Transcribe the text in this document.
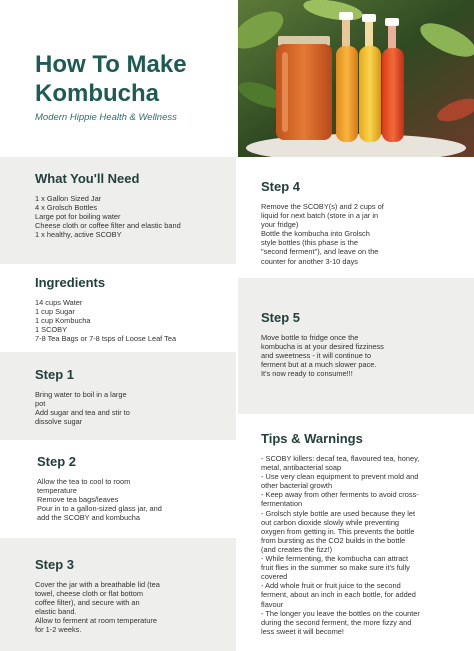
How To Make
Kombucha
Modern Hippie Health & Wellness
What You'll Need
1 x Gallon Sized Jar
4 x Grolsch Bottles
Large pot for boiling water
Cheese cloth or coffee filter and elastic band
1 x healthy, active SCOBY
Ingredients
14 cups Water
1 cup Sugar
1 cup Kombucha
1 SCOBY
7-8 Tea Bags or 7-8 tsps of Loose Leaf Tea
Step 1
Bring water to boil in a large
pot
Add sugar and tea and stir to
dissolve sugar
Step 2
Allow the tea to cool to room
temperature
Remove tea bags/leaves
Pour in to a gallon-sized glass jar, and
add the SCOBY and kombucha
Step 3
Cover the jar with a breathable lid (tea
towel, cheese cloth or flat bottom
coffee filter), and secure with an
elastic band.
Allow to ferment at room temperature
for 1-2 weeks.
Step 4
Remove the SCOBY(s) and 2 cups of
liquid for next batch (store in a jar in
your fridge)
Bottle the kombucha into Grolsch
style bottles (this phase is the
"second ferment"), and leave on the
counter for another 3-10 days
Step 5
Move bottle to fridge once the
kombucha is at your desired fizziness
and sweetness - it will continue to
ferment but at a much slower pace.
It's now ready to consume!!!
Tips & Warnings
- SCOBY killers: decaf tea, flavoured tea, honey,
metal, antibacterial soap
- Use very clean equipment to prevent mold and
other bacterial growth
- Keep away from other ferments to avoid cross-
fermentation
- Grolsch style bottle are used because they let
out carbon dioxide slowly while preventing
oxygen from getting in. This prevents the bottle
from bursting as the CO2 builds in the bottle
(and creates the fizz!)
- While fermenting, the kombucha can attract
fruit flies in the summer so make sure it's fully
covered
- Add whole fruit or fruit juice to the second
ferment, about an inch in each bottle, for added
flavour
- The longer you leave the bottles on the counter
during the second ferment, the more fizzy and
less sweet it will become!
